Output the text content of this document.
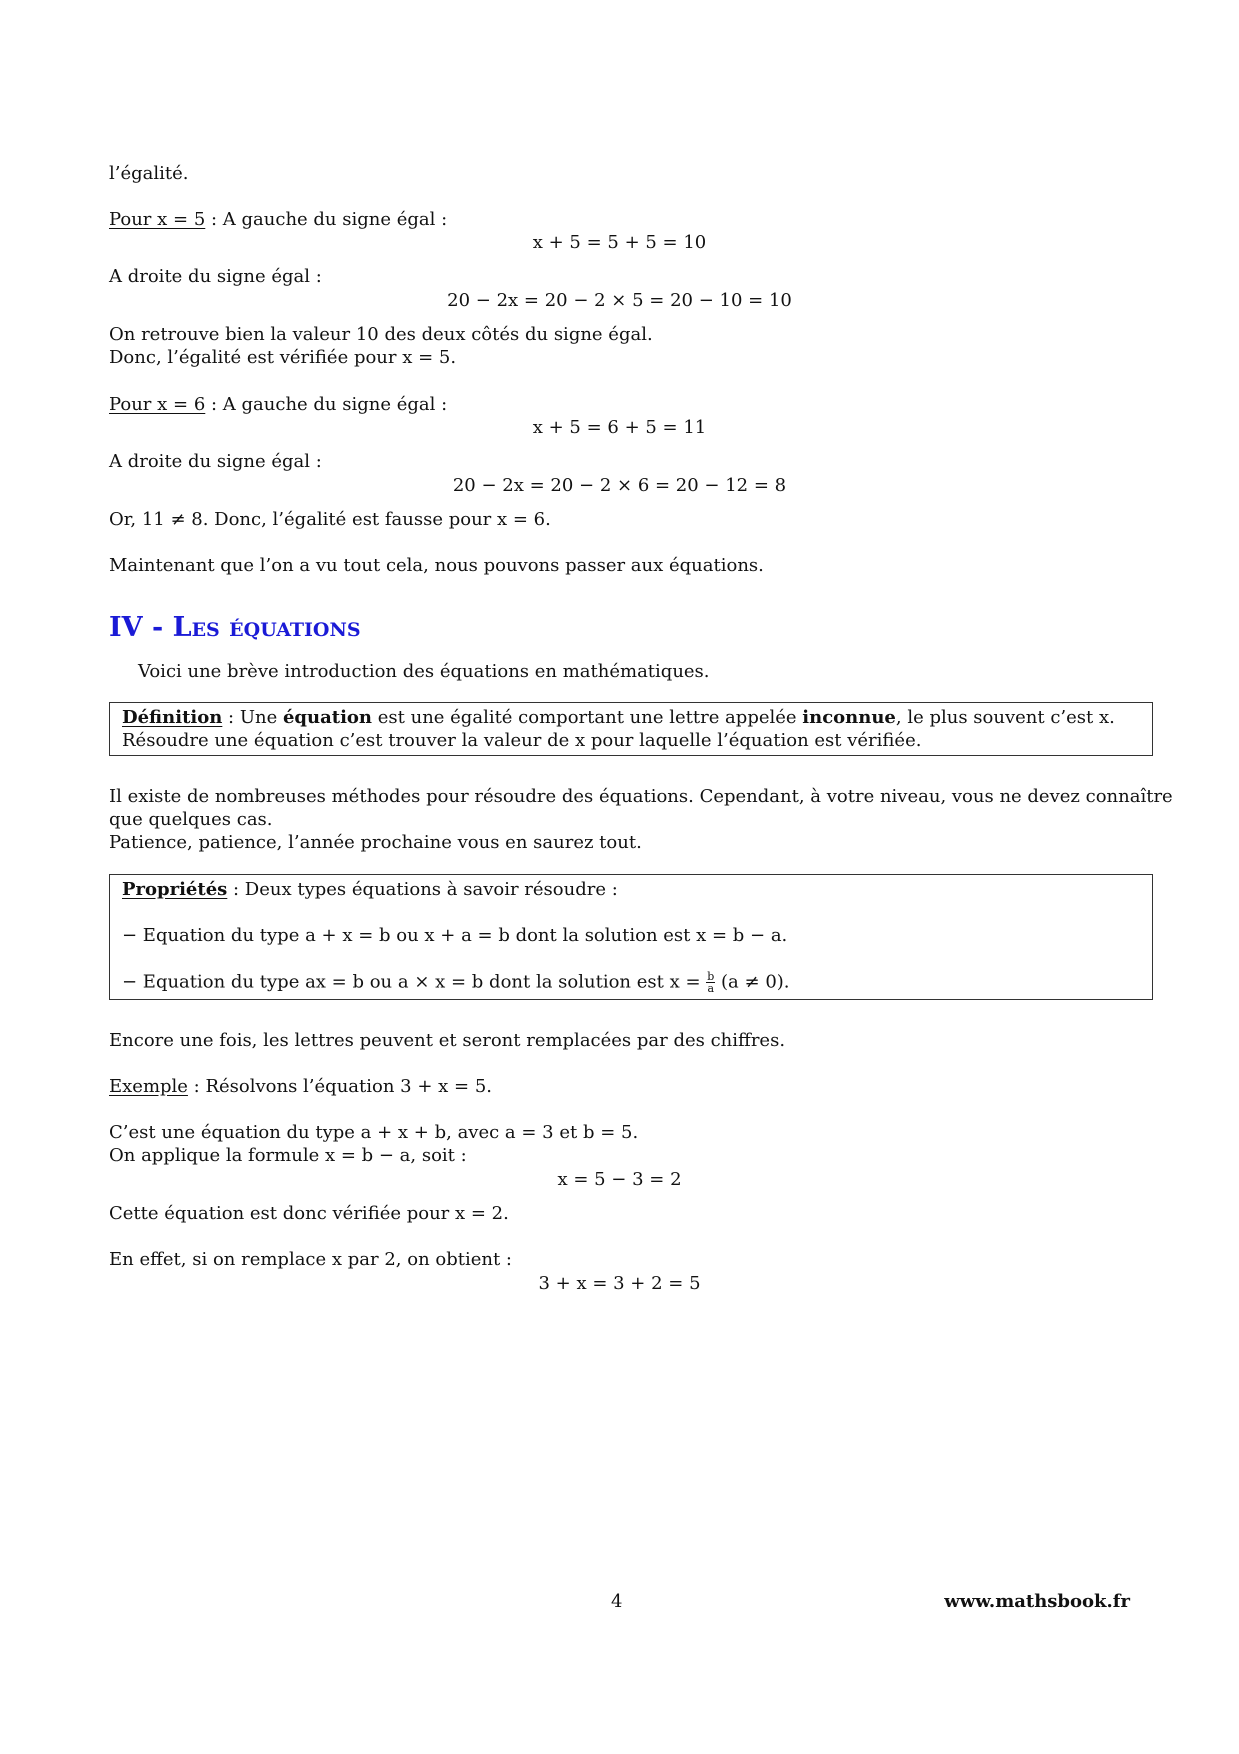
l’égalité.
Pour x = 5 : A gauche du signe égal :
x + 5 = 5 + 5 = 10
A droite du signe égal :
20 − 2x = 20 − 2 × 5 = 20 − 10 = 10
On retrouve bien la valeur 10 des deux côtés du signe égal.
Donc, l’égalité est vérifiée pour x = 5.
Pour x = 6 : A gauche du signe égal :
x + 5 = 6 + 5 = 11
A droite du signe égal :
20 − 2x = 20 − 2 × 6 = 20 − 12 = 8
Or, 11 ≠ 8. Donc, l’égalité est fausse pour x = 6.
Maintenant que l’on a vu tout cela, nous pouvons passer aux équations.
IV - Les équations
Voici une brève introduction des équations en mathématiques.
Définition : Une équation est une égalité comportant une lettre appelée inconnue, le plus souvent c’est x.
Résoudre une équation c’est trouver la valeur de x pour laquelle l’équation est vérifiée.
Il existe de nombreuses méthodes pour résoudre des équations. Cependant, à votre niveau, vous ne devez connaître
que quelques cas.
Patience, patience, l’année prochaine vous en saurez tout.
Propriétés : Deux types équations à savoir résoudre :
− Equation du type a + x = b ou x + a = b dont la solution est x = b − a.
− Equation du type ax = b ou a × x = b dont la solution est $x = \frac{b}{a} (a \ne 0)$.
Encore une fois, les lettres peuvent et seront remplacées par des chiffres.
Exemple : Résolvons l’équation 3 + x = 5.
C’est une équation du type a + x + b, avec a = 3 et b = 5.
On applique la formule x = b − a, soit :
x = 5 − 3 = 2
Cette équation est donc vérifiée pour x = 2.
En effet, si on remplace x par 2, on obtient :
3 + x = 3 + 2 = 5
4	www.mathsbook.fr
